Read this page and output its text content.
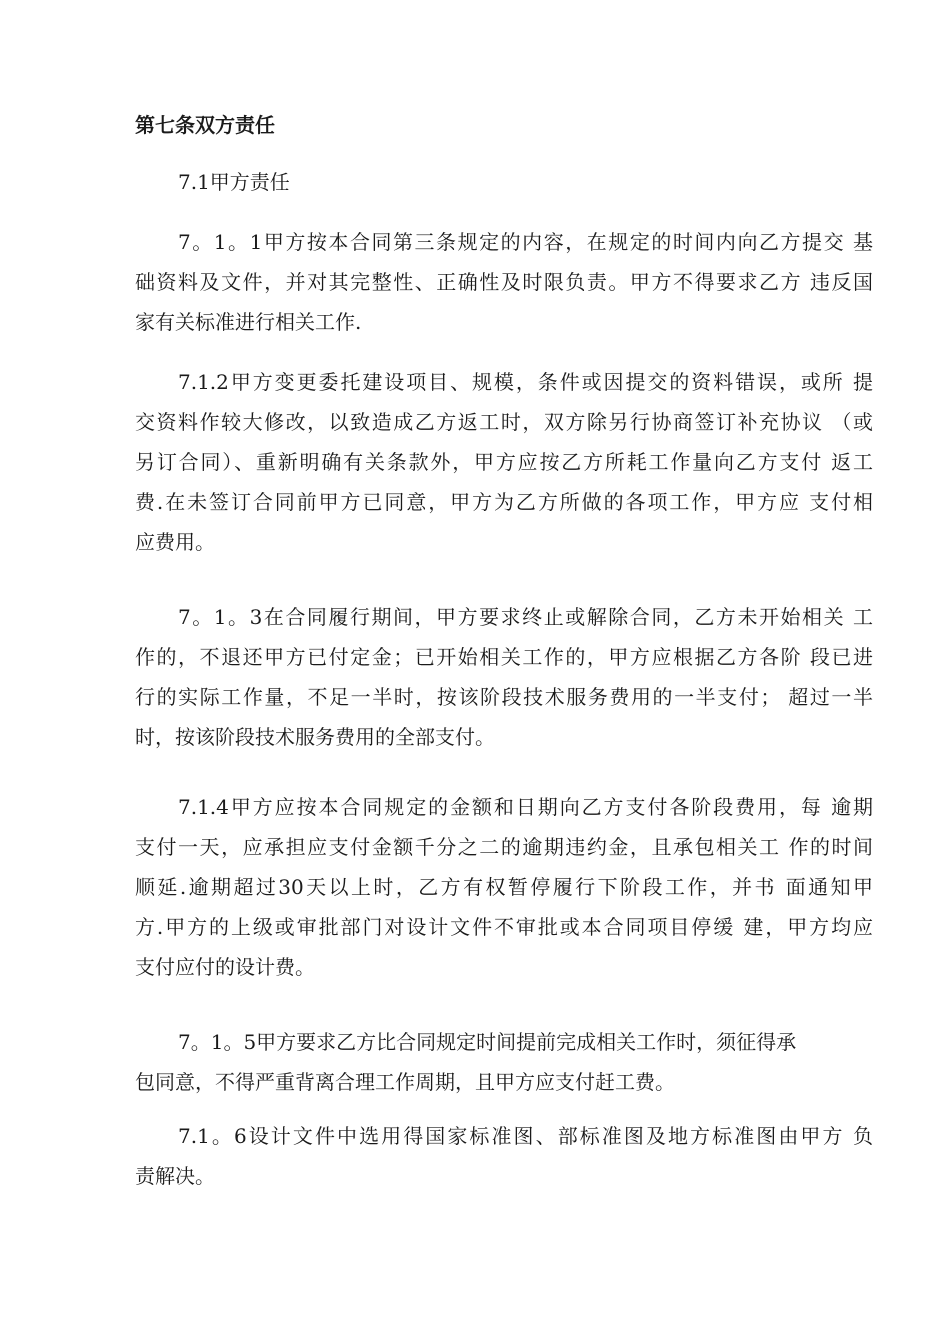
第七条双方责任

7.1甲方责任

7。1。1甲方按本合同第三条规定的内容，在规定的时间内向乙方提交 基
础资料及文件，并对其完整性、正确性及时限负责。甲方不得要求乙方 违反国
家有关标准进行相关工作.
7.1.2甲方变更委托建设项目、规模，条件或因提交的资料错误，或所 提
交资料作较大修改，以致造成乙方返工时，双方除另行协商签订补充协议 （或
另订合同）、重新明确有关条款外，甲方应按乙方所耗工作量向乙方支付 返工
费.在未签订合同前甲方已同意，甲方为乙方所做的各项工作，甲方应 支付相
应费用。
7。1。3在合同履行期间，甲方要求终止或解除合同，乙方未开始相关 工
作的，不退还甲方已付定金；已开始相关工作的，甲方应根据乙方各阶 段已进
行的实际工作量，不足一半时，按该阶段技术服务费用的一半支付； 超过一半
时，按该阶段技术服务费用的全部支付。
7.1.4甲方应按本合同规定的金额和日期向乙方支付各阶段费用，每 逾期
支付一天，应承担应支付金额千分之二的逾期违约金，且承包相关工 作的时间
顺延.逾期超过30天以上时，乙方有权暂停履行下阶段工作，并书 面通知甲
方.甲方的上级或审批部门对设计文件不审批或本合同项目停缓 建，甲方均应
支付应付的设计费。
7。1。5甲方要求乙方比合同规定时间提前完成相关工作时，须征得承
包同意，不得严重背离合理工作周期，且甲方应支付赶工费。
7.1。6设计文件中选用得国家标准图、部标准图及地方标准图由甲方 负
责解决。
